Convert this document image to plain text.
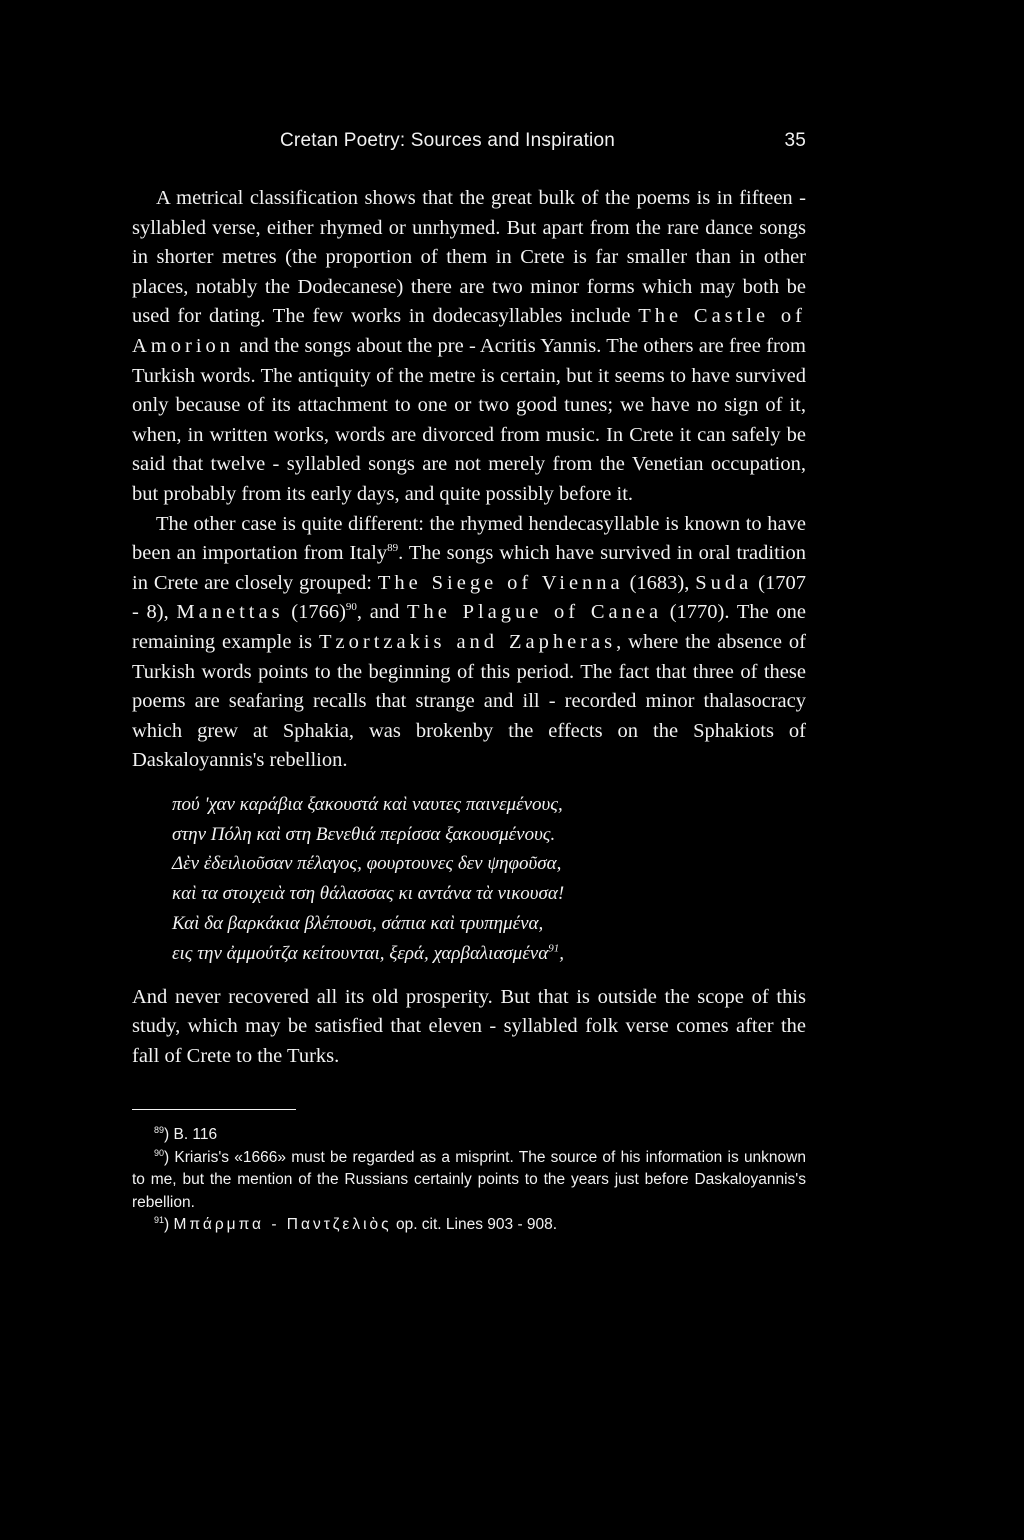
Cretan Poetry: Sources and Inspiration	35

A metrical classification shows that the great bulk of the poems is in fifteen - syllabled verse, either rhymed or unrhymed. But apart from the rare dance songs in shorter metres (the proportion of them in Crete is far smaller than in other places, notably the Dodecanese) there are two minor forms which may both be used for dating. The few works in dodecasyllables include The Castle of Amorion and the songs about the pre - Acritis Yannis. The others are free from Turkish words. The antiquity of the metre is certain, but it seems to have survived only because of its attachment to one or two good tunes; we have no sign of it, when, in written works, words are divorced from music. In Crete it can safely be said that twelve - syllabled songs are not merely from the Venetian occupation, but probably from its early days, and quite possibly before it.

The other case is quite different: the rhymed hendecasyllable is known to have been an importation from Italy$^{89}$. The songs which have survived in oral tradition in Crete are closely grouped: The Siege of Vienna (1683), Suda (1707 - 8), Manettas $(1766)^{90}$, and The Plague of Canea (1770). The one remaining example is Tzortzakis and Zapheras, where the absence of Turkish words points to the beginning of this period. The fact that three of these poems are seafaring recalls that strange and ill - recorded minor thalasocracy which grew at Sphakia, was brokenby the effects on the Sphakiots of Daskaloyannis's rebellion.

πού 'χαν καράβια ξακουστά καὶ ναυτες παινεμένους,
στην Πόλη καὶ στη Βενεθιά περίσσα ξακουσμένους.
Δὲν ἐδειλιοῦσαν πέλαγος, φουρτουνες δεν ψηφοῦσα,
καὶ τα στοιχειὰ τση θάλασσας κι αντάνα τὰ νικουσα!
Καὶ δα βαρκάκια βλέπουσι, σάπια καὶ τρυπημένα,
εις την ἀμμούτζα κείτουνται, ξερά, χαρβαλιασμένα$^{91}$,

And never recovered all its old prosperity. But that is outside the scope of this study, which may be satisfied that eleven - syllabled folk verse comes after the fall of Crete to the Turks.

$^{89}$) B. 116

$^{90}$) Kriaris's «1666» must be regarded as a misprint. The source of his information is unknown to me, but the mention of the Russians certainly points to the years just before Daskaloyannis's rebellion.

$^{91}$) Μπάρμπα - Παντζελιὸς op. cit. Lines 903 - 908.
